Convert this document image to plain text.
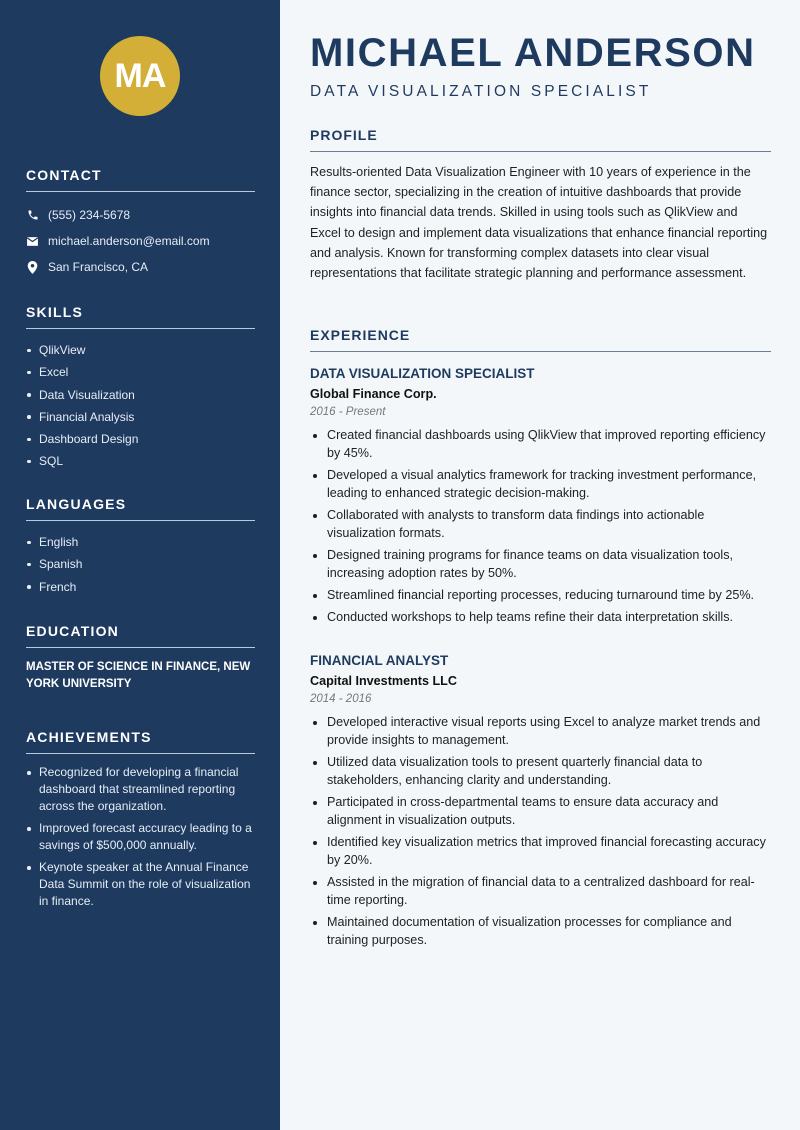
MA
CONTACT
(555) 234-5678
michael.anderson@email.com
San Francisco, CA
SKILLS
QlikView
Excel
Data Visualization
Financial Analysis
Dashboard Design
SQL
LANGUAGES
English
Spanish
French
EDUCATION

MASTER OF SCIENCE IN FINANCE, NEW YORK UNIVERSITY

ACHIEVEMENTS
Recognized for developing a financial dashboard that streamlined reporting across the organization.
Improved forecast accuracy leading to a savings of $500,000 annually.
Keynote speaker at the Annual Finance Data Summit on the role of visualization in finance.
MICHAEL ANDERSON
DATA VISUALIZATION SPECIALIST
PROFILE

Results-oriented Data Visualization Engineer with 10 years of experience in the finance sector, specializing in the creation of intuitive dashboards that provide insights into financial data trends. Skilled in using tools such as QlikView and Excel to design and implement data visualizations that enhance financial reporting and analysis. Known for transforming complex datasets into clear visual representations that facilitate strategic planning and performance assessment.

EXPERIENCE
DATA VISUALIZATION SPECIALIST
Global Finance Corp.
2016 - Present
Created financial dashboards using QlikView that improved reporting efficiency by 45%.
Developed a visual analytics framework for tracking investment performance, leading to enhanced strategic decision-making.
Collaborated with analysts to transform data findings into actionable visualization formats.
Designed training programs for finance teams on data visualization tools, increasing adoption rates by 50%.
Streamlined financial reporting processes, reducing turnaround time by 25%.
Conducted workshops to help teams refine their data interpretation skills.
FINANCIAL ANALYST
Capital Investments LLC
2014 - 2016
Developed interactive visual reports using Excel to analyze market trends and provide insights to management.
Utilized data visualization tools to present quarterly financial data to stakeholders, enhancing clarity and understanding.
Participated in cross-departmental teams to ensure data accuracy and alignment in visualization outputs.
Identified key visualization metrics that improved financial forecasting accuracy by 20%.
Assisted in the migration of financial data to a centralized dashboard for real-time reporting.
Maintained documentation of visualization processes for compliance and training purposes.
